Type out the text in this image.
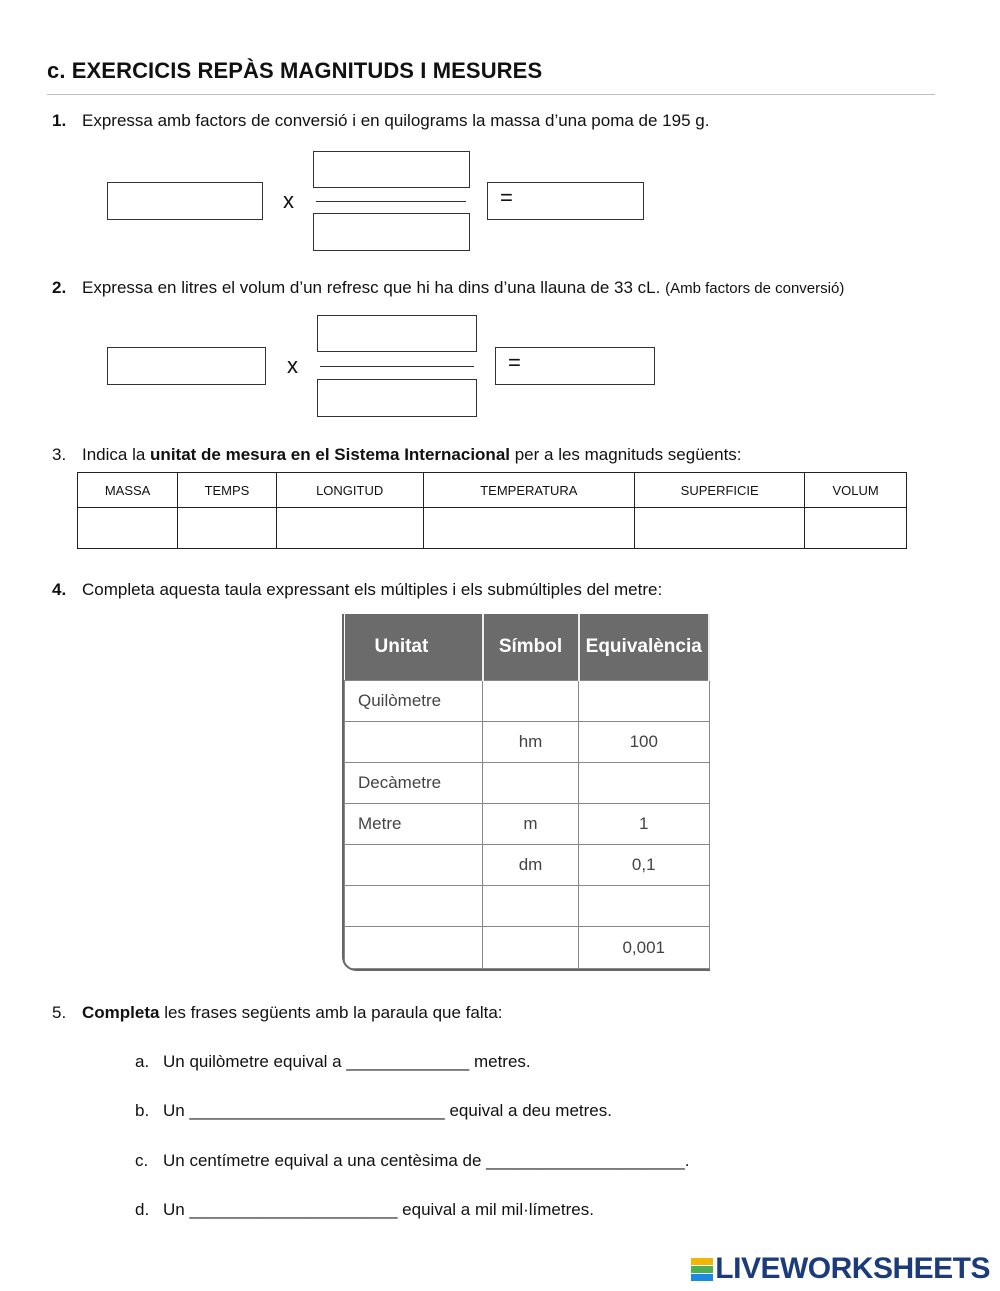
c. EXERCICIS REPÀS MAGNITUDS I MESURES
1. Expressa amb factors de conversió i en quilograms la massa d’una poma de 195 g.
x	=
2. Expressa en litres el volum d’un refresc que hi ha dins d’una llauna de 33 cL. (Amb factors de conversió)
x	=
3. Indica la unitat de mesura en el Sistema Internacional per a les magnituds següents:
MASSA	TEMPS	LONGITUD	TEMPERATURA	SUPERFICIE	VOLUM

4. Completa aquesta taula expressant els múltiples i els submúltiples del metre:
Unitat	Símbol	Equivalència
Quilòmetre		
	hm	100
Decàmetre		
Metre	m	1
	dm	0,1

		0,001
5. Completa les frases següents amb la paraula que falta:
a. Un quilòmetre equival a _____________ metres.
b. Un ___________________________ equival a deu metres.
c. Un centímetre equival a una centèsima de _____________________.
d. Un ______________________ equival a mil mil·límetres.
LIVEWORKSHEETS
